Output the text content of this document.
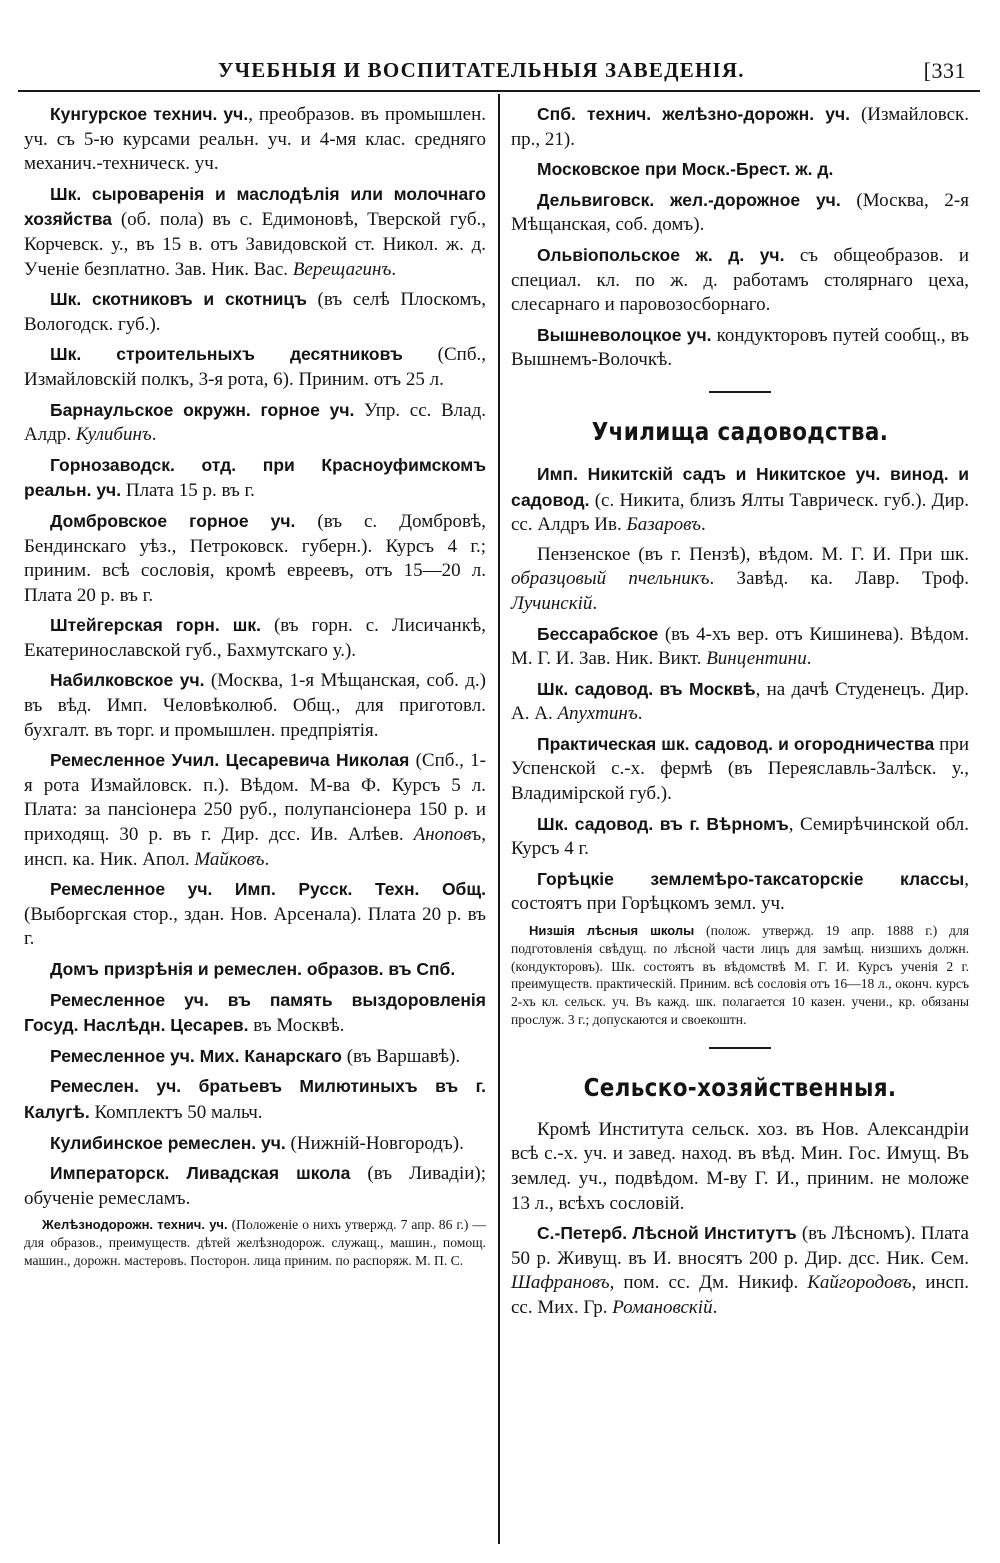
УЧЕБНЫЯ И ВОСПИТАТЕЛЬНЫЯ ЗАВЕДЕНІЯ.	[331

Кунгурское технич. уч., преобразов. въ промышлен. уч. съ 5-ю курсами реальн. уч. и 4-мя клас. средняго механич.-техническ. уч.

Шк. сыроваренія и маслодѣлія или молочнаго хозяйства (об. пола) въ с. Едимоновѣ, Тверской губ., Корчевск. у., въ 15 в. отъ Завидовской ст. Никол. ж. д. Ученіе безплатно. Зав. Ник. Вас. Верещагинъ.

Шк. скотниковъ и скотницъ (въ селѣ Плоскомъ, Вологодск. губ.).

Шк. строительныхъ десятниковъ (Спб., Измайловскій полкъ, 3-я рота, 6). Приним. отъ 25 л.

Барнаульское окружн. горное уч. Упр. сс. Влад. Алдр. Кулибинъ.

Горнозаводск. отд. при Красноуфимскомъ реальн. уч. Плата 15 р. въ г.

Домбровское горное уч. (въ с. Домбровѣ, Бендинскаго уѣз., Петроковск. губерн.). Курсъ 4 г.; приним. всѣ сословія, кромѣ евреевъ, отъ 15—20 л. Плата 20 р. въ г.

Штейгерская горн. шк. (въ горн. с. Лисичанкѣ, Екатеринославской губ., Бахмутскаго у.).

Набилковское уч. (Москва, 1-я Мѣщанская, соб. д.) въ вѣд. Имп. Человѣколюб. Общ., для приготовл. бухгалт. въ торг. и промышлен. предпріятія.

Ремесленное Учил. Цесаревича Николая (Спб., 1-я рота Измайловск. п.). Вѣдом. М-ва Ф. Курсъ 5 л. Плата: за пансіонера 250 руб., полупансіонера 150 р. и приходящ. 30 р. въ г. Дир. дсс. Ив. Алѣев. Аноповъ, инсп. кa. Ник. Апол. Майковъ.

Ремесленное уч. Имп. Русск. Техн. Общ. (Выборгская стор., здан. Нов. Арсенала). Плата 20 р. въ г.

Домъ призрѣнія и ремеслен. образов. въ Спб.

Ремесленное уч. въ память выздоровленія Госуд. Наслѣдн. Цесарев. въ Москвѣ.

Ремесленное уч. Мих. Канарскаго (въ Варшавѣ).

Ремеслен. уч. братьевъ Милютиныхъ въ г. Калугѣ. Комплектъ 50 мальч.

Кулибинское ремеслен. уч. (Нижній-Новгородъ).

Императорск. Ливадская школа (въ Ливадіи); обученіе ремесламъ.

Желѣзнодорожн. технич. уч. (Положеніе о нихъ утвержд. 7 апр. 86 г.) — для образов., преимуществ. дѣтей желѣзнодорож. служащ., машин., помощ. машин., дорожн. мастеровъ. Посторон. лица приним. по распоряж. М. П. С.

Спб. технич. желѣзно-дорожн. уч. (Измайловск. пр., 21).

Московское при Моск.-Брест. ж. д.

Дельвиговск. жел.-дорожное уч. (Москва, 2-я Мѣщанская, соб. домъ).

Ольвіопольское ж. д. уч. съ общеобразов. и специал. кл. по ж. д. работамъ столярнаго цеха, слесарнаго и паровозосборнаго.

Вышневолоцкое уч. кондукторовъ путей сообщ., въ Вышнемъ-Волочкѣ.

Училища садоводства.

Имп. Никитскій садъ и Никитское уч. винод. и садовод. (с. Никита, близъ Ялты Таврическ. губ.). Дир. сс. Алдръ Ив. Базаровъ.

Пензенское (въ г. Пензѣ), вѣдом. М. Г. И. При шк. образцовый пчельникъ. Завѣд. кa. Лавр. Троф. Лучинскій.

Бессарабское (въ 4-хъ вер. отъ Кишинева). Вѣдом. М. Г. И. Зав. Ник. Викт. Винцентини.

Шк. садовод. въ Москвѣ, на дачѣ Студенецъ. Дир. А. А. Апухтинъ.

Практическая шк. садовод. и огородничества при Успенской с.-х. фермѣ (въ Переяславль-Залѣск. у., Владимірской губ.).

Шк. садовод. въ г. Вѣрномъ, Семирѣчинской обл. Курсъ 4 г.

Горѣцкіе землемѣро-таксаторскіе классы, состоятъ при Горѣцкомъ земл. уч.

Низшія лѣсныя школы (полож. утвержд. 19 апр. 1888 г.) для подготовленія свѣдущ. по лѣсной части лицъ для замѣщ. низшихъ должн. (кондукторовъ). Шк. состоятъ въ вѣдомствѣ М. Г. И. Курсъ ученія 2 г. преимуществ. практическій. Приним. всѣ сословія отъ 16—18 л., оконч. курсъ 2-хъ кл. сельск. уч. Въ кажд. шк. полагается 10 казен. учени., кр. обязаны прослуж. 3 г.; допускаются и своекоштн.

Сельско-хозяйственныя.

Кромѣ Института сельск. хоз. въ Нов. Александріи всѣ с.-х. уч. и завед. наход. въ вѣд. Мин. Гос. Имущ. Въ землед. уч., подвѣдом. М-ву Г. И., приним. не моложе 13 л., всѣхъ сословій.

С.-Петерб. Лѣсной Институтъ (въ Лѣсномъ). Плата 50 р. Живущ. въ И. вносятъ 200 р. Дир. дсс. Ник. Сем. Шафрановъ, пом. сс. Дм. Никиф. Кайгородовъ, инсп. сс. Мих. Гр. Романовскій.
